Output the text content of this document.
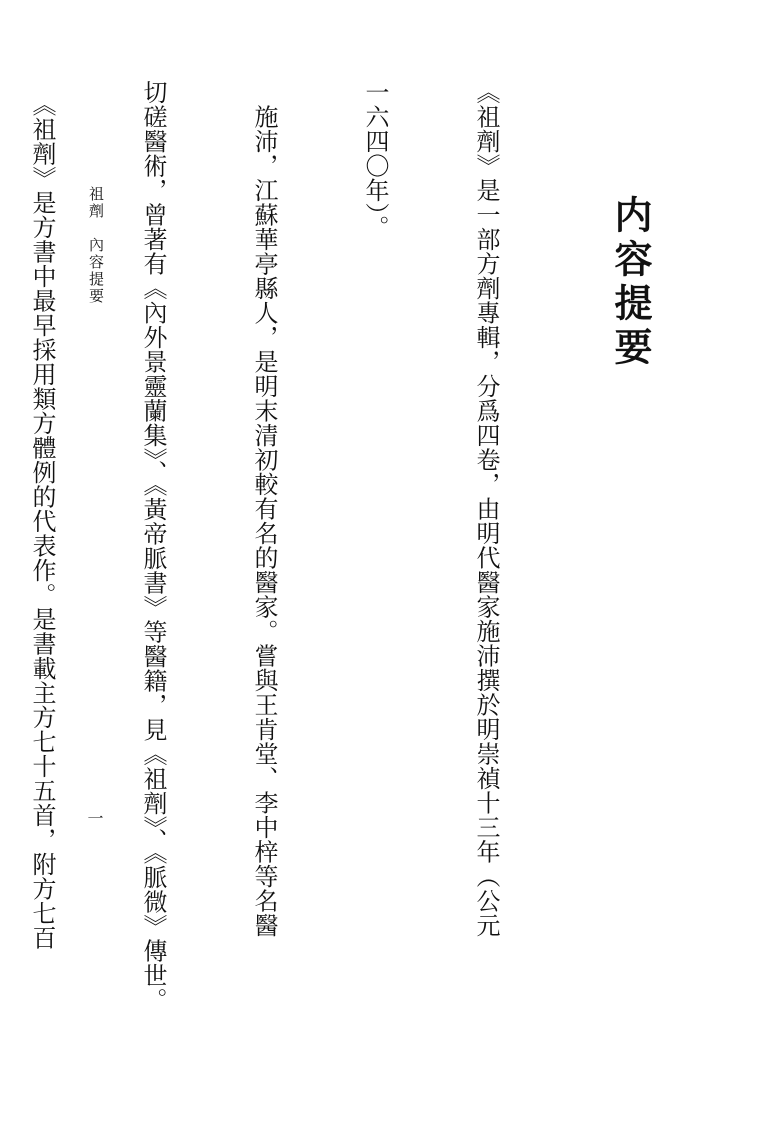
内容提要

《祖劑》是一部方劑專輯，分爲四卷，由明代醫家施沛撰於明崇禎十三年（公元

一六四〇年）。

　施沛，江蘇華亭縣人，是明末清初較有名的醫家。嘗與王肯堂、李中梓等名醫

切磋醫術，曾著有《內外景靈蘭集》、《黃帝脈書》等醫籍，見《祖劑》、《脈微》傳世。

　《祖劑》是方書中最早採用類方體例的代表作。是書載主方七十五首，附方七百

祖劑　內容提要
一
